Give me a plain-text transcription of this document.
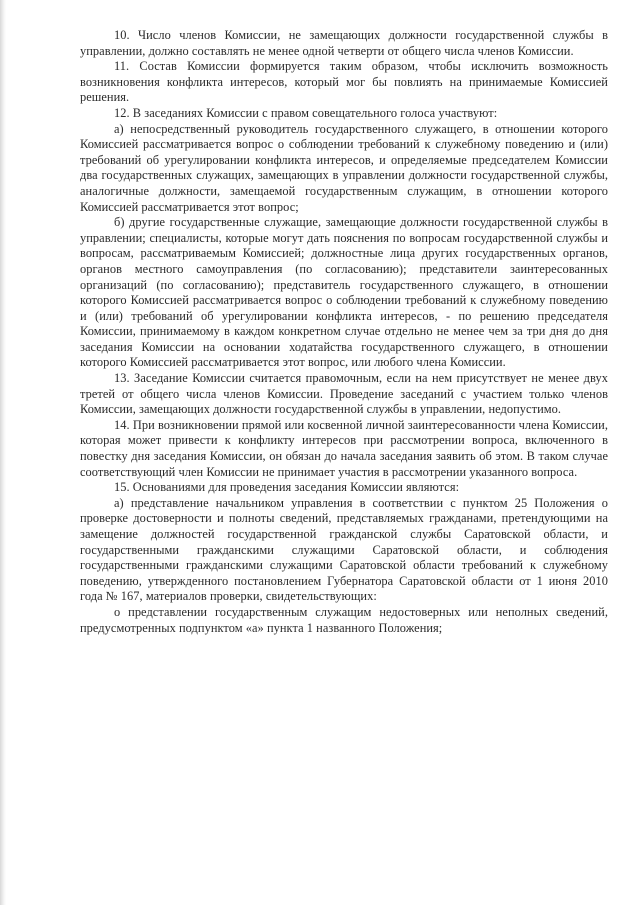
10. Число членов Комиссии, не замещающих должности государственной службы в управлении, должно составлять не менее одной четверти от общего числа членов Комиссии.

11. Состав Комиссии формируется таким образом, чтобы исключить возможность возникновения конфликта интересов, который мог бы повлиять на принимаемые Комиссией решения.

12. В заседаниях Комиссии с правом совещательного голоса участвуют:

а) непосредственный руководитель государственного служащего, в отношении которого Комиссией рассматривается вопрос о соблюдении требований к служебному поведению и (или) требований об урегулировании конфликта интересов, и определяемые председателем Комиссии два государственных служащих, замещающих в управлении должности государственной службы, аналогичные должности, замещаемой государственным служащим, в отношении которого Комиссией рассматривается этот вопрос;

б) другие государственные служащие, замещающие должности государственной службы в управлении; специалисты, которые могут дать пояснения по вопросам государственной службы и вопросам, рассматриваемым Комиссией; должностные лица других государственных органов, органов местного самоуправления (по согласованию); представители заинтересованных организаций (по согласованию); представитель государственного служащего, в отношении которого Комиссией рассматривается вопрос о соблюдении требований к служебному поведению и (или) требований об урегулировании конфликта интересов, - по решению председателя Комиссии, принимаемому в каждом конкретном случае отдельно не менее чем за три дня до дня заседания Комиссии на основании ходатайства государственного служащего, в отношении которого Комиссией рассматривается этот вопрос, или любого члена Комиссии.

13. Заседание Комиссии считается правомочным, если на нем присутствует не менее двух третей от общего числа членов Комиссии. Проведение заседаний с участием только членов Комиссии, замещающих должности государственной службы в управлении, недопустимо.

14. При возникновении прямой или косвенной личной заинтересованности члена Комиссии, которая может привести к конфликту интересов при рассмотрении вопроса, включенного в повестку дня заседания Комиссии, он обязан до начала заседания заявить об этом. В таком случае соответствующий член Комиссии не принимает участия в рассмотрении указанного вопроса.

15. Основаниями для проведения заседания Комиссии являются:

а) представление начальником управления в соответствии с пунктом 25 Положения о проверке достоверности и полноты сведений, представляемых гражданами, претендующими на замещение должностей государственной гражданской службы Саратовской области, и государственными гражданскими служащими Саратовской области, и соблюдения государственными гражданскими служащими Саратовской области требований к служебному поведению, утвержденного постановлением Губернатора Саратовской области от 1 июня 2010 года № 167, материалов проверки, свидетельствующих:

о представлении государственным служащим недостоверных или неполных сведений, предусмотренных подпунктом «а» пункта 1 названного Положения;
